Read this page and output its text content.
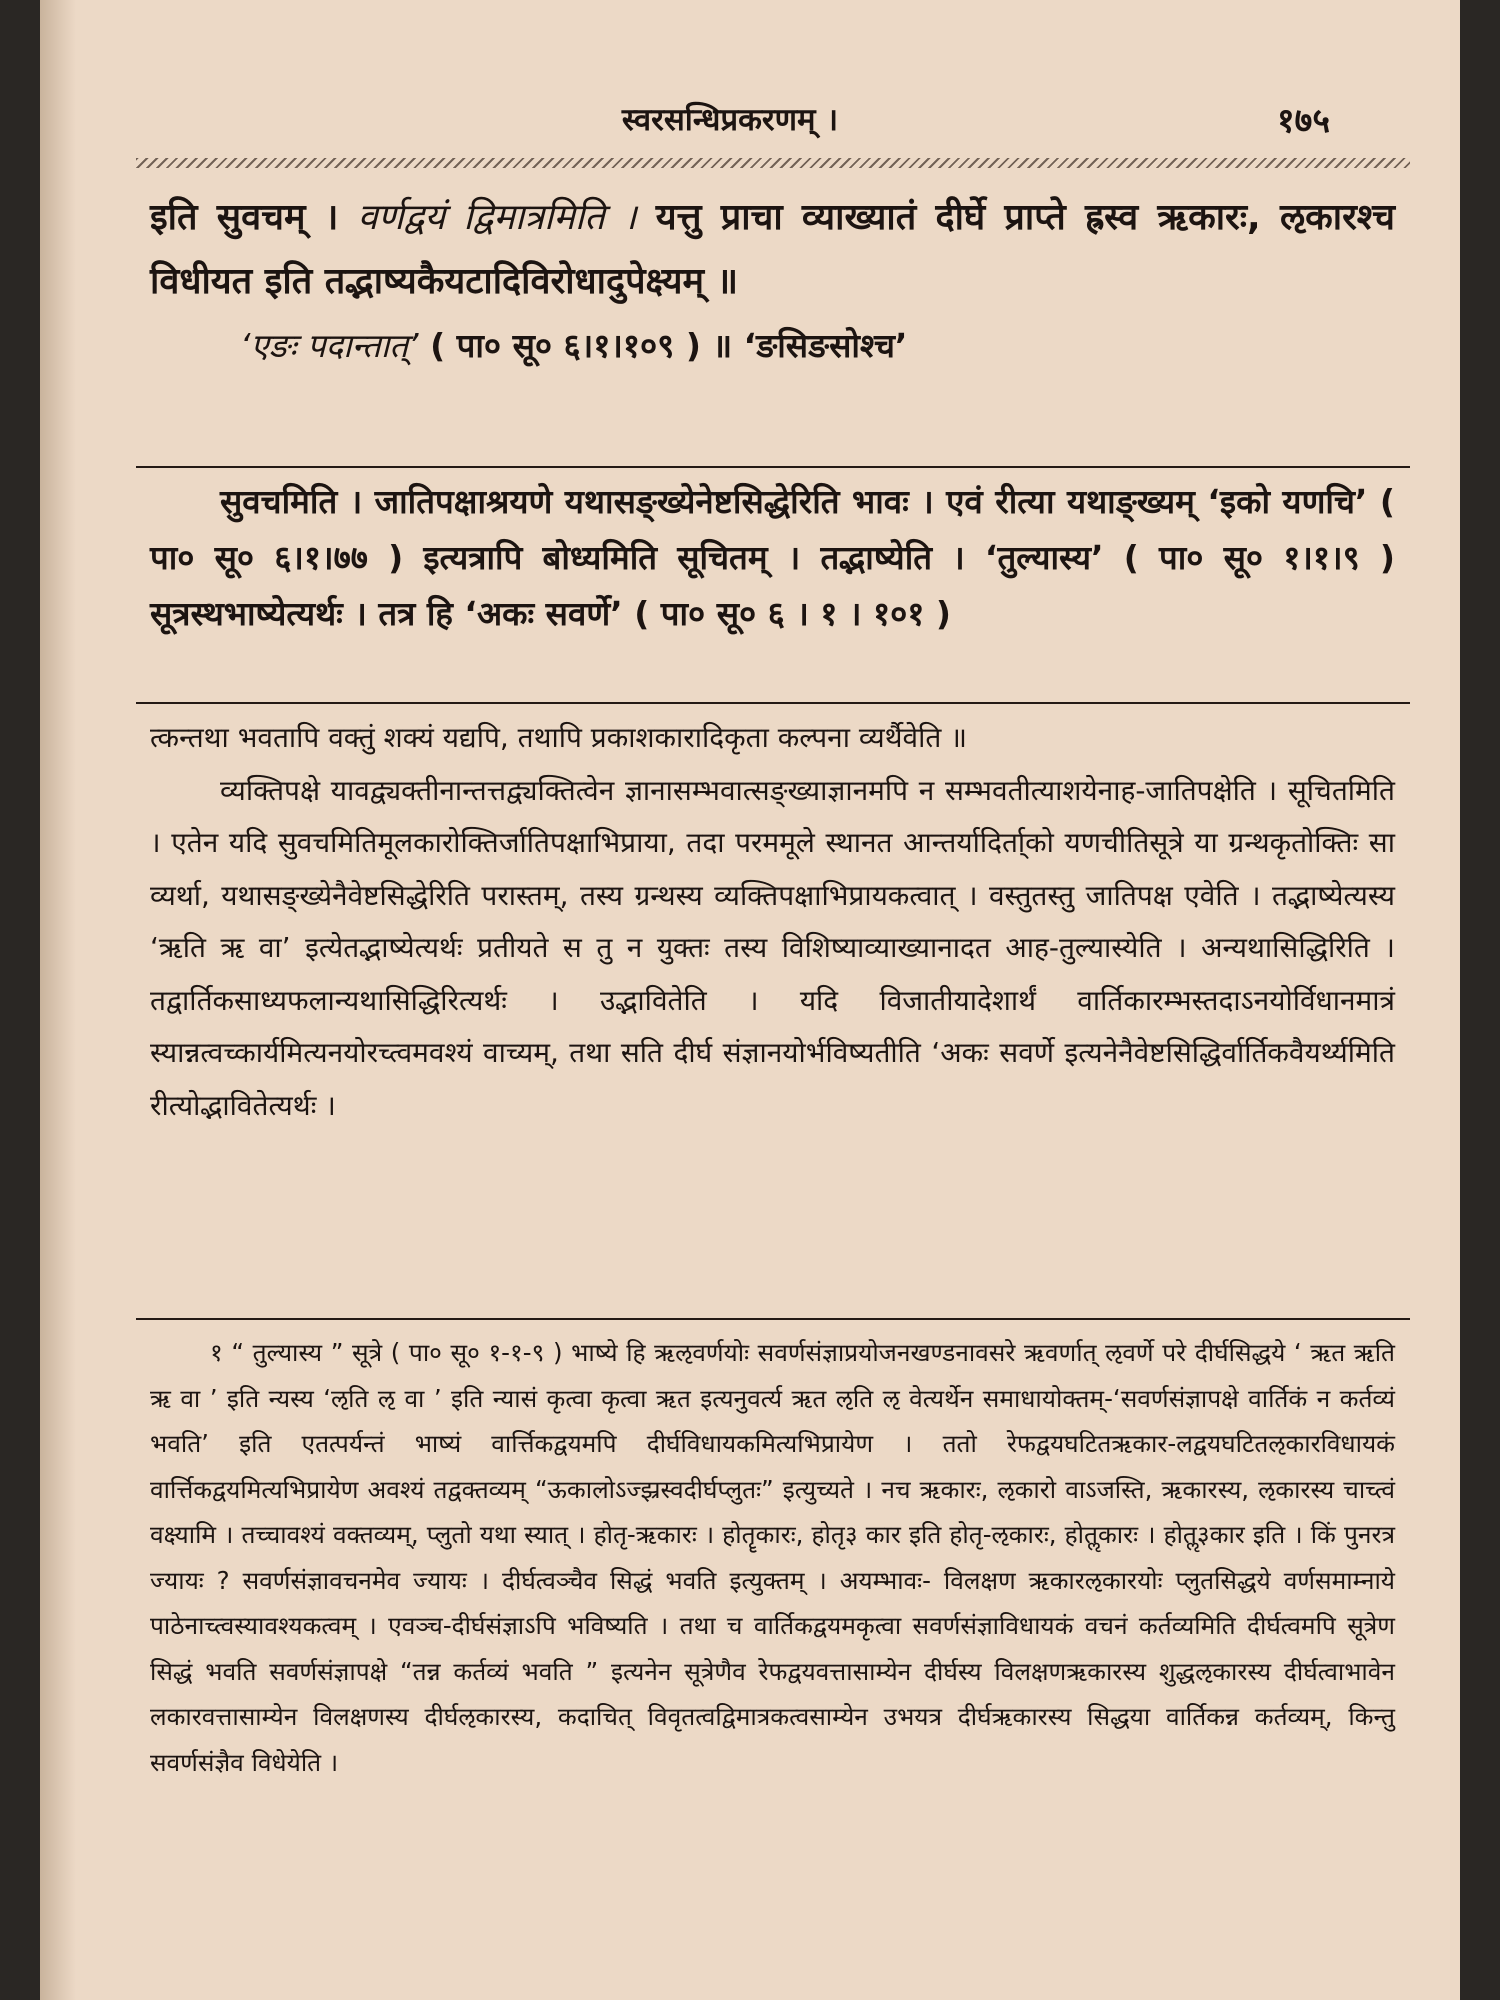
स्वरसन्धिप्रकरणम् ।	१७५

इति सुवचम् । वर्णद्वयं द्विमात्रमिति । यत्तु प्राचा व्याख्यातं दीर्घे प्राप्ते ह्रस्व ऋकारः, ऌकारश्च विधीयत इति तद्भाष्यकैयटादिविरोधादुपेक्ष्यम् ॥

‘एङः पदान्तात्’ ( पा० सू० ६।१।१०९ ) ॥ ‘ङसिङसोश्च’

सुवचमिति । जातिपक्षाश्रयणे यथासङ्ख्येनेष्टसिद्धेरिति भावः । एवं रीत्या यथाङ्ख्यम् ‘इको यणचि’ ( पा० सू० ६।१।७७ ) इत्यत्रापि बोध्यमिति सूचितम् । तद्भाष्येति । ‘तुल्यास्य’ ( पा० सू० १।१।९ ) सूत्रस्थभाष्येत्यर्थः । तत्र हि ‘अकः सवर्णे’ ( पा० सू० ६ । १ । १०१ )

त्कन्तथा भवतापि वक्तुं शक्यं यद्यपि, तथापि प्रकाशकारादिकृता कल्पना व्यर्थैवेति ॥

व्यक्तिपक्षे यावद्व्यक्तीनान्तत्तद्व्यक्तित्वेन ज्ञानासम्भवात्सङ्ख्याज्ञानमपि न सम्भवतीत्याशयेनाह-जातिपक्षेति । सूचितमिति । एतेन यदि सुवचमितिमूलकारोक्तिर्जातिपक्षाभिप्राया, तदा परममूले स्थानत आन्तर्यादिर्ता्को यणचीतिसूत्रे या ग्रन्थकृतोक्तिः सा व्यर्था, यथासङ्ख्येनैवेष्टसिद्धेरिति परास्तम्, तस्य ग्रन्थस्य व्यक्तिपक्षाभिप्रायकत्वात् । वस्तुतस्तु जातिपक्ष एवेति । तद्भाष्येत्यस्य ‘ऋति ऋ वा’ इत्येतद्भाष्येत्यर्थः प्रतीयते स तु न युक्तः तस्य विशिष्याव्याख्यानादत आह-तुल्यास्येति । अन्यथासिद्धिरिति । तद्वार्तिकसाध्यफलान्यथासिद्धिरित्यर्थः । उद्भावितेति । यदि विजातीयादेशार्थं वार्तिकारम्भस्तदाऽनयोर्विधानमात्रं स्यान्नत्वच्कार्यमित्यनयोरच्त्वमवश्यं वाच्यम्, तथा सति दीर्घ संज्ञानयोर्भविष्यतीति ‘अकः सवर्णे इत्यनेनैवेष्टसिद्धिर्वार्तिकवैयर्थ्यमिति रीत्योद्भावितेत्यर्थः ।

१ “ तुल्यास्य ” सूत्रे ( पा० सू० १-१-९ ) भाष्ये हि ऋऌवर्णयोः सवर्णसंज्ञाप्रयोजनखण्डनावसरे ऋवर्णात् ऌवर्णे परे दीर्घसिद्धये ‘ ऋत ऋति ऋ वा ’ इति न्यस्य ‘ऌति ऌ वा ’ इति न्यासं कृत्वा कृत्वा ऋत इत्यनुवर्त्य ऋत ऌति ऌ वेत्यर्थेन समाधायोक्तम्-‘सवर्णसंज्ञापक्षे वार्तिकं न कर्तव्यं भवति’ इति एतत्पर्यन्तं भाष्यं वार्त्तिकद्वयमपि दीर्घविधायकमित्यभिप्रायेण । ततो रेफद्वयघटितऋकार-लद्वयघटितऌकारविधायकं वार्त्तिकद्वयमित्यभिप्रायेण अवश्यं तद्वक्तव्यम् “ऊकालोऽज्झ्रस्वदीर्घप्लुतः” इत्युच्यते । नच ऋकारः, ऌकारो वाऽजस्ति, ऋकारस्य, ऌकारस्य चाच्त्वं वक्ष्यामि । तच्चावश्यं वक्तव्यम्, प्लुतो यथा स्यात् । होतृ-ऋकारः । होतॄकारः, होतृ३ कार इति होतृ-ऌकारः, होतॢकारः । होतॢ३कार इति । किं पुनरत्र ज्यायः ? सवर्णसंज्ञावचनमेव ज्यायः । दीर्घत्वञ्चैव सिद्धं भवति इत्युक्तम् । अयम्भावः- विलक्षण ऋकारऌकारयोः प्लुतसिद्धये वर्णसमाम्नाये पाठेनाच्त्वस्यावश्यकत्वम् । एवञ्च-दीर्घसंज्ञाऽपि भविष्यति । तथा च वार्तिकद्वयमकृत्वा सवर्णसंज्ञाविधायकं वचनं कर्तव्यमिति दीर्घत्वमपि सूत्रेण सिद्धं भवति सवर्णसंज्ञापक्षे “तन्न कर्तव्यं भवति ” इत्यनेन सूत्रेणैव रेफद्वयवत्तासाम्येन दीर्घस्य विलक्षणऋकारस्य शुद्धऌकारस्य दीर्घत्वाभावेन लकारवत्तासाम्येन विलक्षणस्य दीर्घऌकारस्य, कदाचित् विवृतत्वद्विमात्रकत्वसाम्येन उभयत्र दीर्घऋकारस्य सिद्धया वार्तिकन्न कर्तव्यम्, किन्तु सवर्णसंज्ञैव विधेयेति ।
